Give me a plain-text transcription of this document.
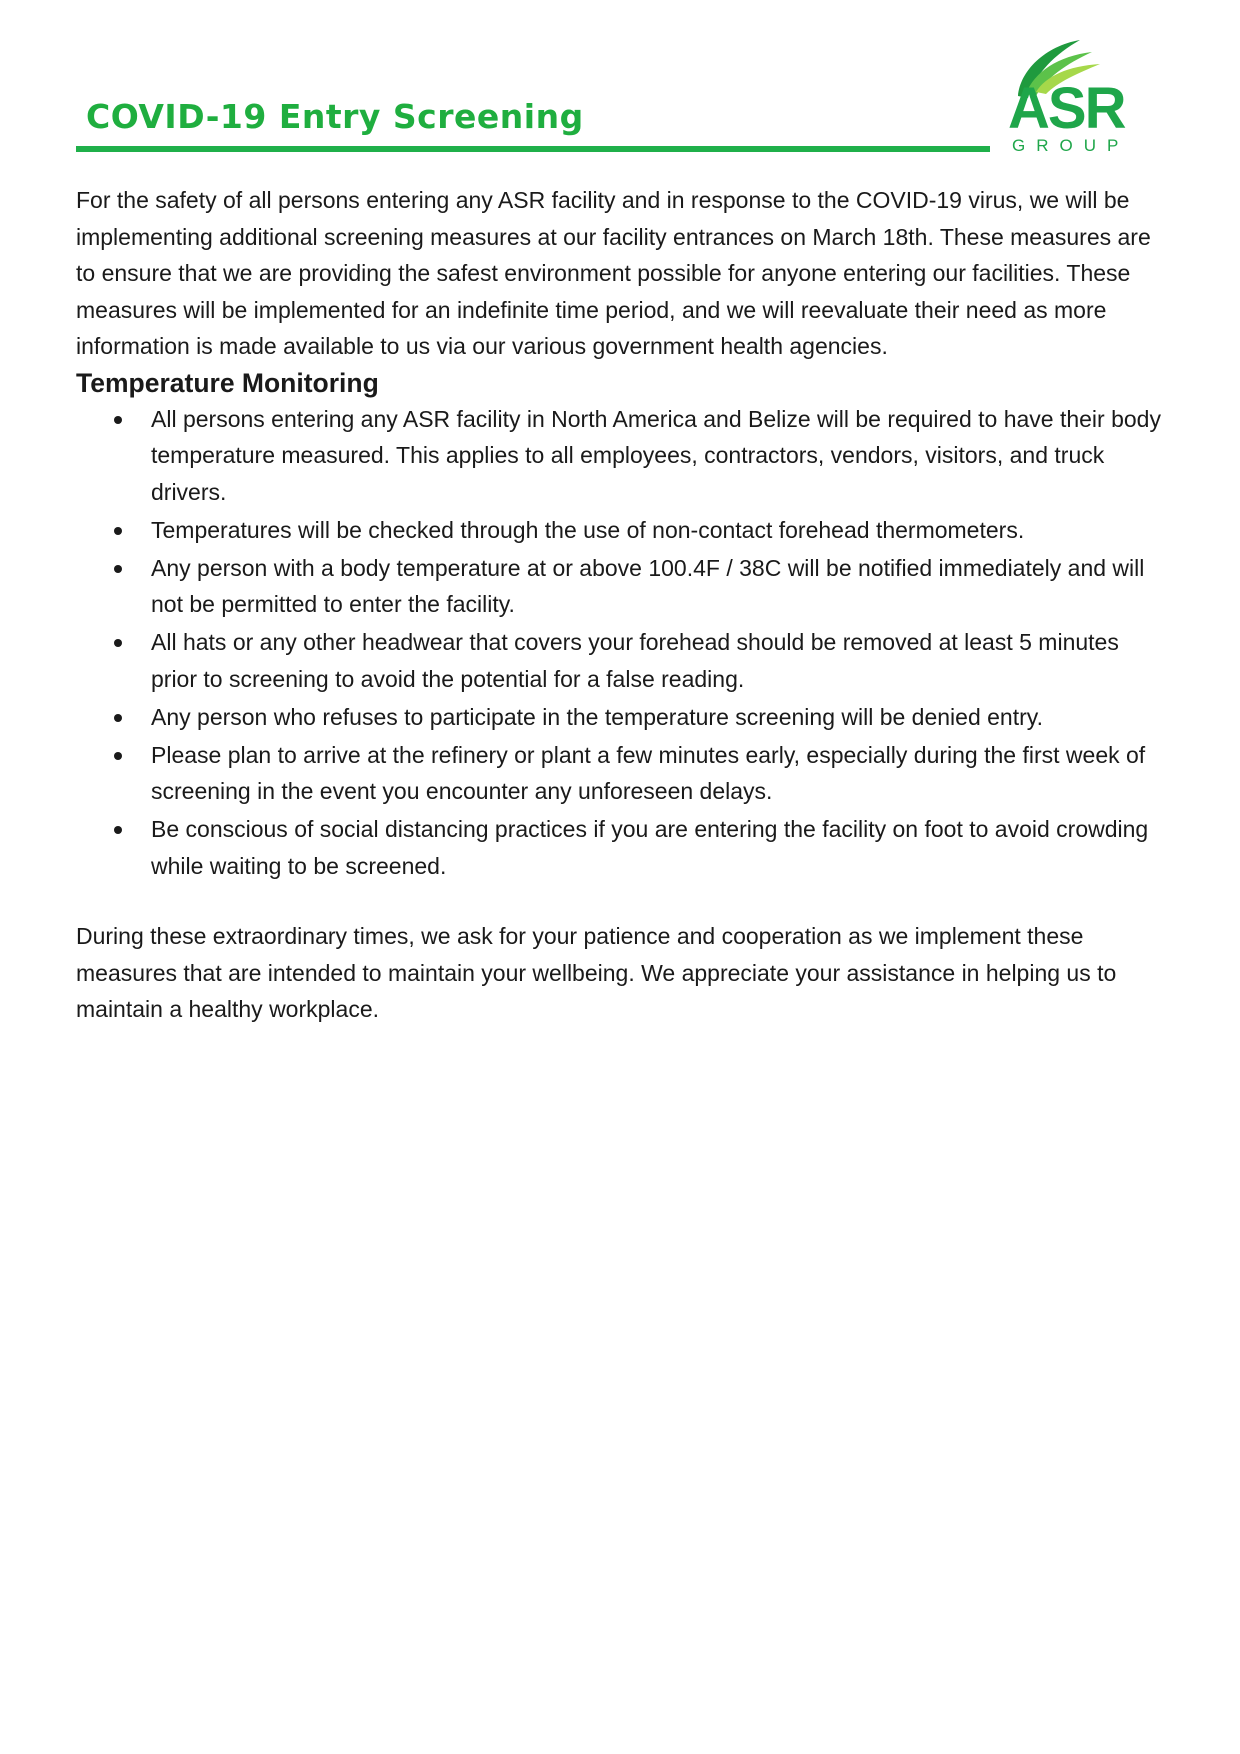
COVID-19 Entry Screening	ASR
GROUP

For the safety of all persons entering any ASR facility and in response to the COVID-19 virus, we will be implementing additional screening measures at our facility entrances on March 18th. These measures are to ensure that we are providing the safest environment possible for anyone entering our facilities. These measures will be implemented for an indefinite time period, and we will reevaluate their need as more information is made available to us via our various government health agencies.

Temperature Monitoring

All persons entering any ASR facility in North America and Belize will be required to have their body temperature measured. This applies to all employees, contractors, vendors, visitors, and truck drivers.
Temperatures will be checked through the use of non-contact forehead thermometers.
Any person with a body temperature at or above 100.4F / 38C will be notified immediately and will not be permitted to enter the facility.
All hats or any other headwear that covers your forehead should be removed at least 5 minutes prior to screening to avoid the potential for a false reading.
Any person who refuses to participate in the temperature screening will be denied entry.
Please plan to arrive at the refinery or plant a few minutes early, especially during the first week of screening in the event you encounter any unforeseen delays.
Be conscious of social distancing practices if you are entering the facility on foot to avoid crowding while waiting to be screened.

During these extraordinary times, we ask for your patience and cooperation as we implement these measures that are intended to maintain your wellbeing. We appreciate your assistance in helping us to maintain a healthy workplace.
